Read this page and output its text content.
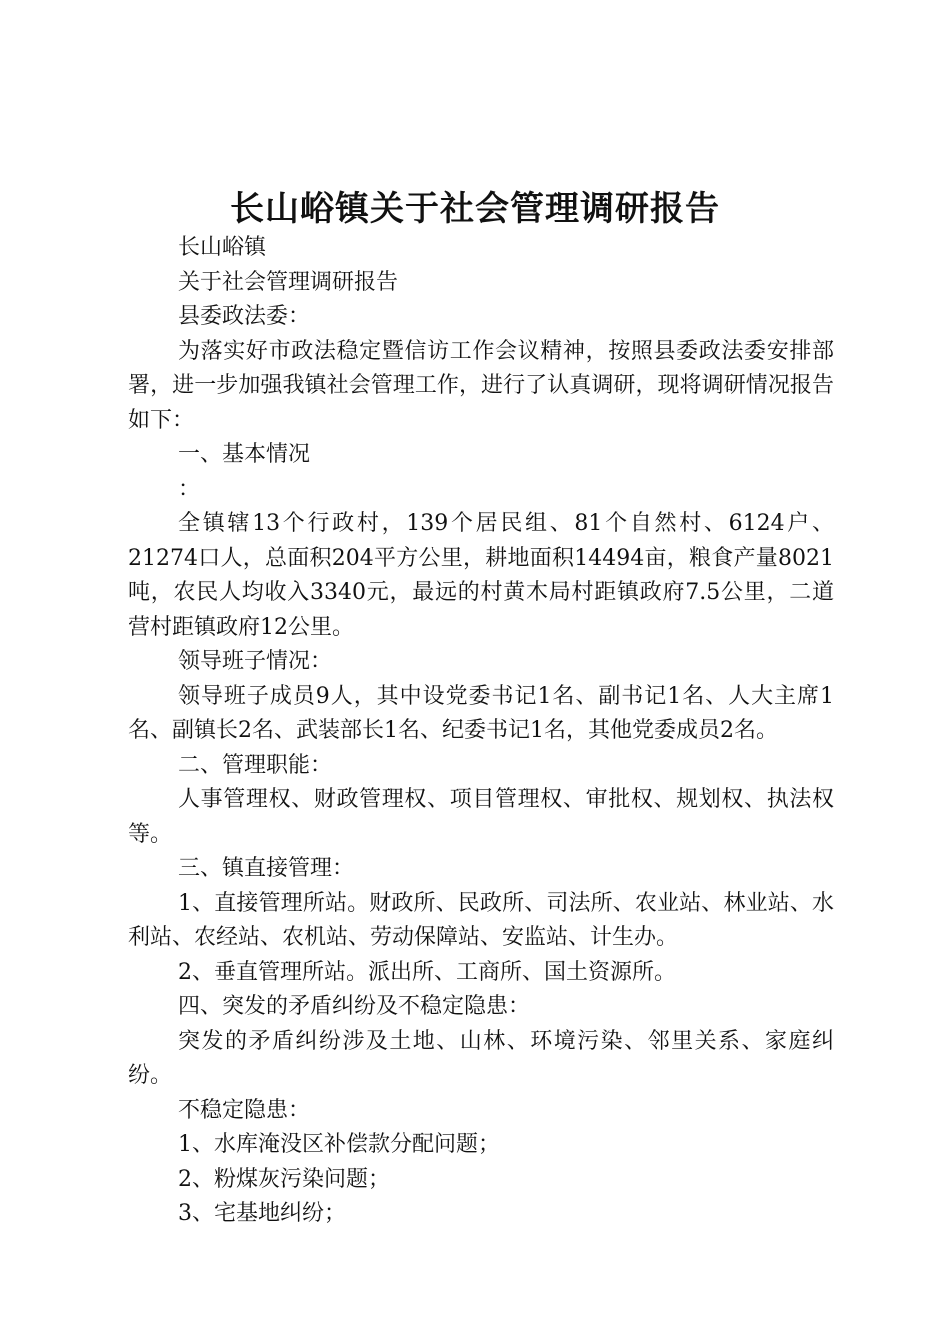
长山峪镇关于社会管理调研报告

长山峪镇

关于社会管理调研报告

县委政法委：

为落实好市政法稳定暨信访工作会议精神，按照县委政法委安排部署，进一步加强我镇社会管理工作，进行了认真调研，现将调研情况报告如下：

一、基本情况

：

全镇辖13个行政村，139个居民组、81个自然村、6124户、21274口人，总面积204平方公里，耕地面积14494亩，粮食产量8021吨，农民人均收入3340元，最远的村黄木局村距镇政府7.5公里，二道营村距镇政府12公里。

领导班子情况：

领导班子成员9人，其中设党委书记1名、副书记1名、人大主席1名、副镇长2名、武装部长1名、纪委书记1名，其他党委成员2名。

二、管理职能：

人事管理权、财政管理权、项目管理权、审批权、规划权、执法权等。

三、镇直接管理：

1、直接管理所站。财政所、民政所、司法所、农业站、林业站、水利站、农经站、农机站、劳动保障站、安监站、计生办。

2、垂直管理所站。派出所、工商所、国土资源所。

四、突发的矛盾纠纷及不稳定隐患：

突发的矛盾纠纷涉及土地、山林、环境污染、邻里关系、家庭纠纷。

不稳定隐患：

1、水库淹没区补偿款分配问题；

2、粉煤灰污染问题；

3、宅基地纠纷；
